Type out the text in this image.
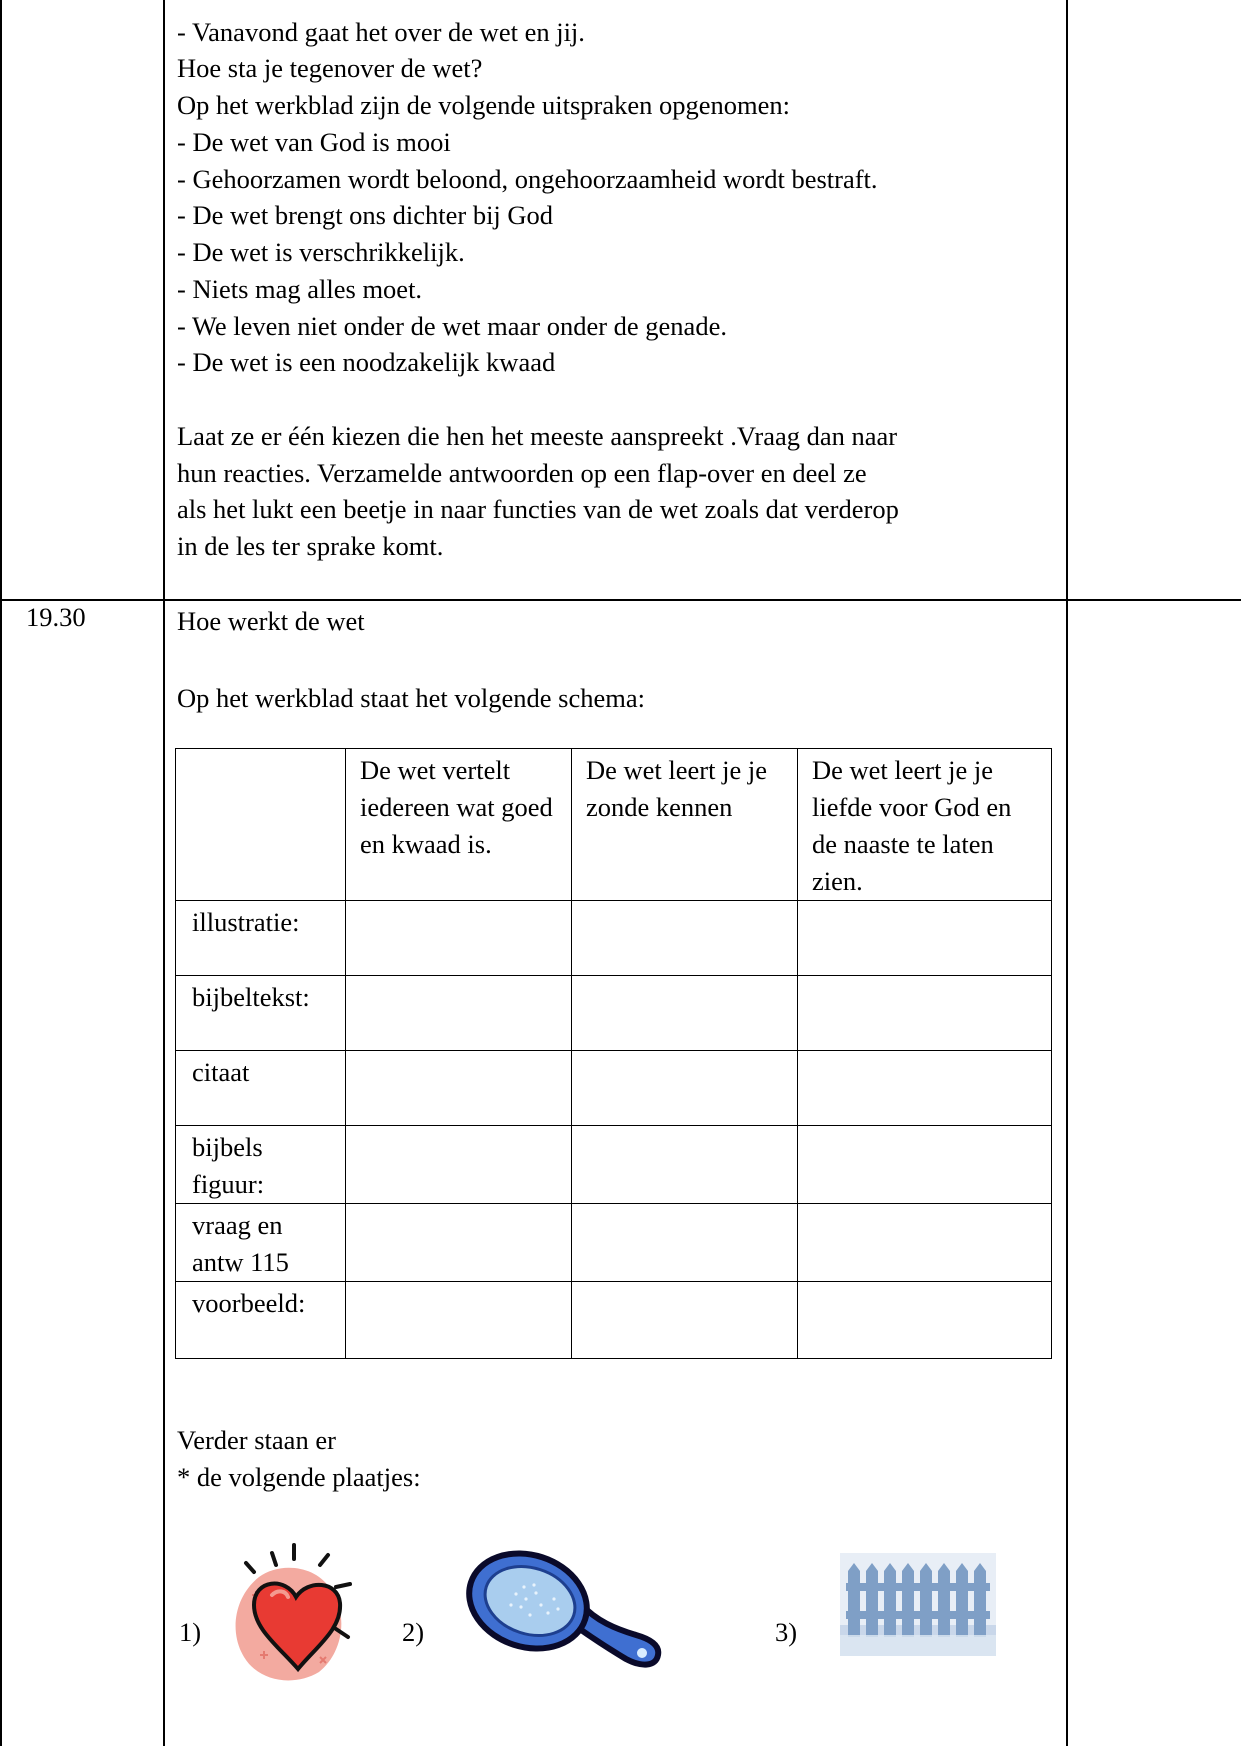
- Vanavond gaat het over de wet en jij.
Hoe sta je tegenover de wet?
Op het werkblad zijn de volgende uitspraken opgenomen:
- De wet van God is mooi
- Gehoorzamen wordt beloond, ongehoorzaamheid wordt bestraft.
- De wet brengt ons dichter bij God
- De wet is verschrikkelijk.
- Niets mag alles moet.
- We leven niet onder de wet maar onder de genade.
- De wet is een noodzakelijk kwaad
Laat ze er één kiezen die hen het meeste aanspreekt .Vraag dan naar
hun reacties. Verzamelde antwoorden op een flap-over en deel ze
als het lukt een beetje in naar functies van de wet zoals dat verderop
in de les ter sprake komt.
19.30	Hoe werkt de wet
Op het werkblad staat het volgende schema:
	De wet vertelt iedereen wat goed en kwaad is.	De wet leert je je zonde kennen	De wet leert je je liefde voor God en de naaste te laten zien.
illustratie:			
bijbeltekst:			
citaat			
bijbels figuur:			
vraag en antw 115			
voorbeeld:			
Verder staan er
* de volgende plaatjes:
1)	2)	3)
